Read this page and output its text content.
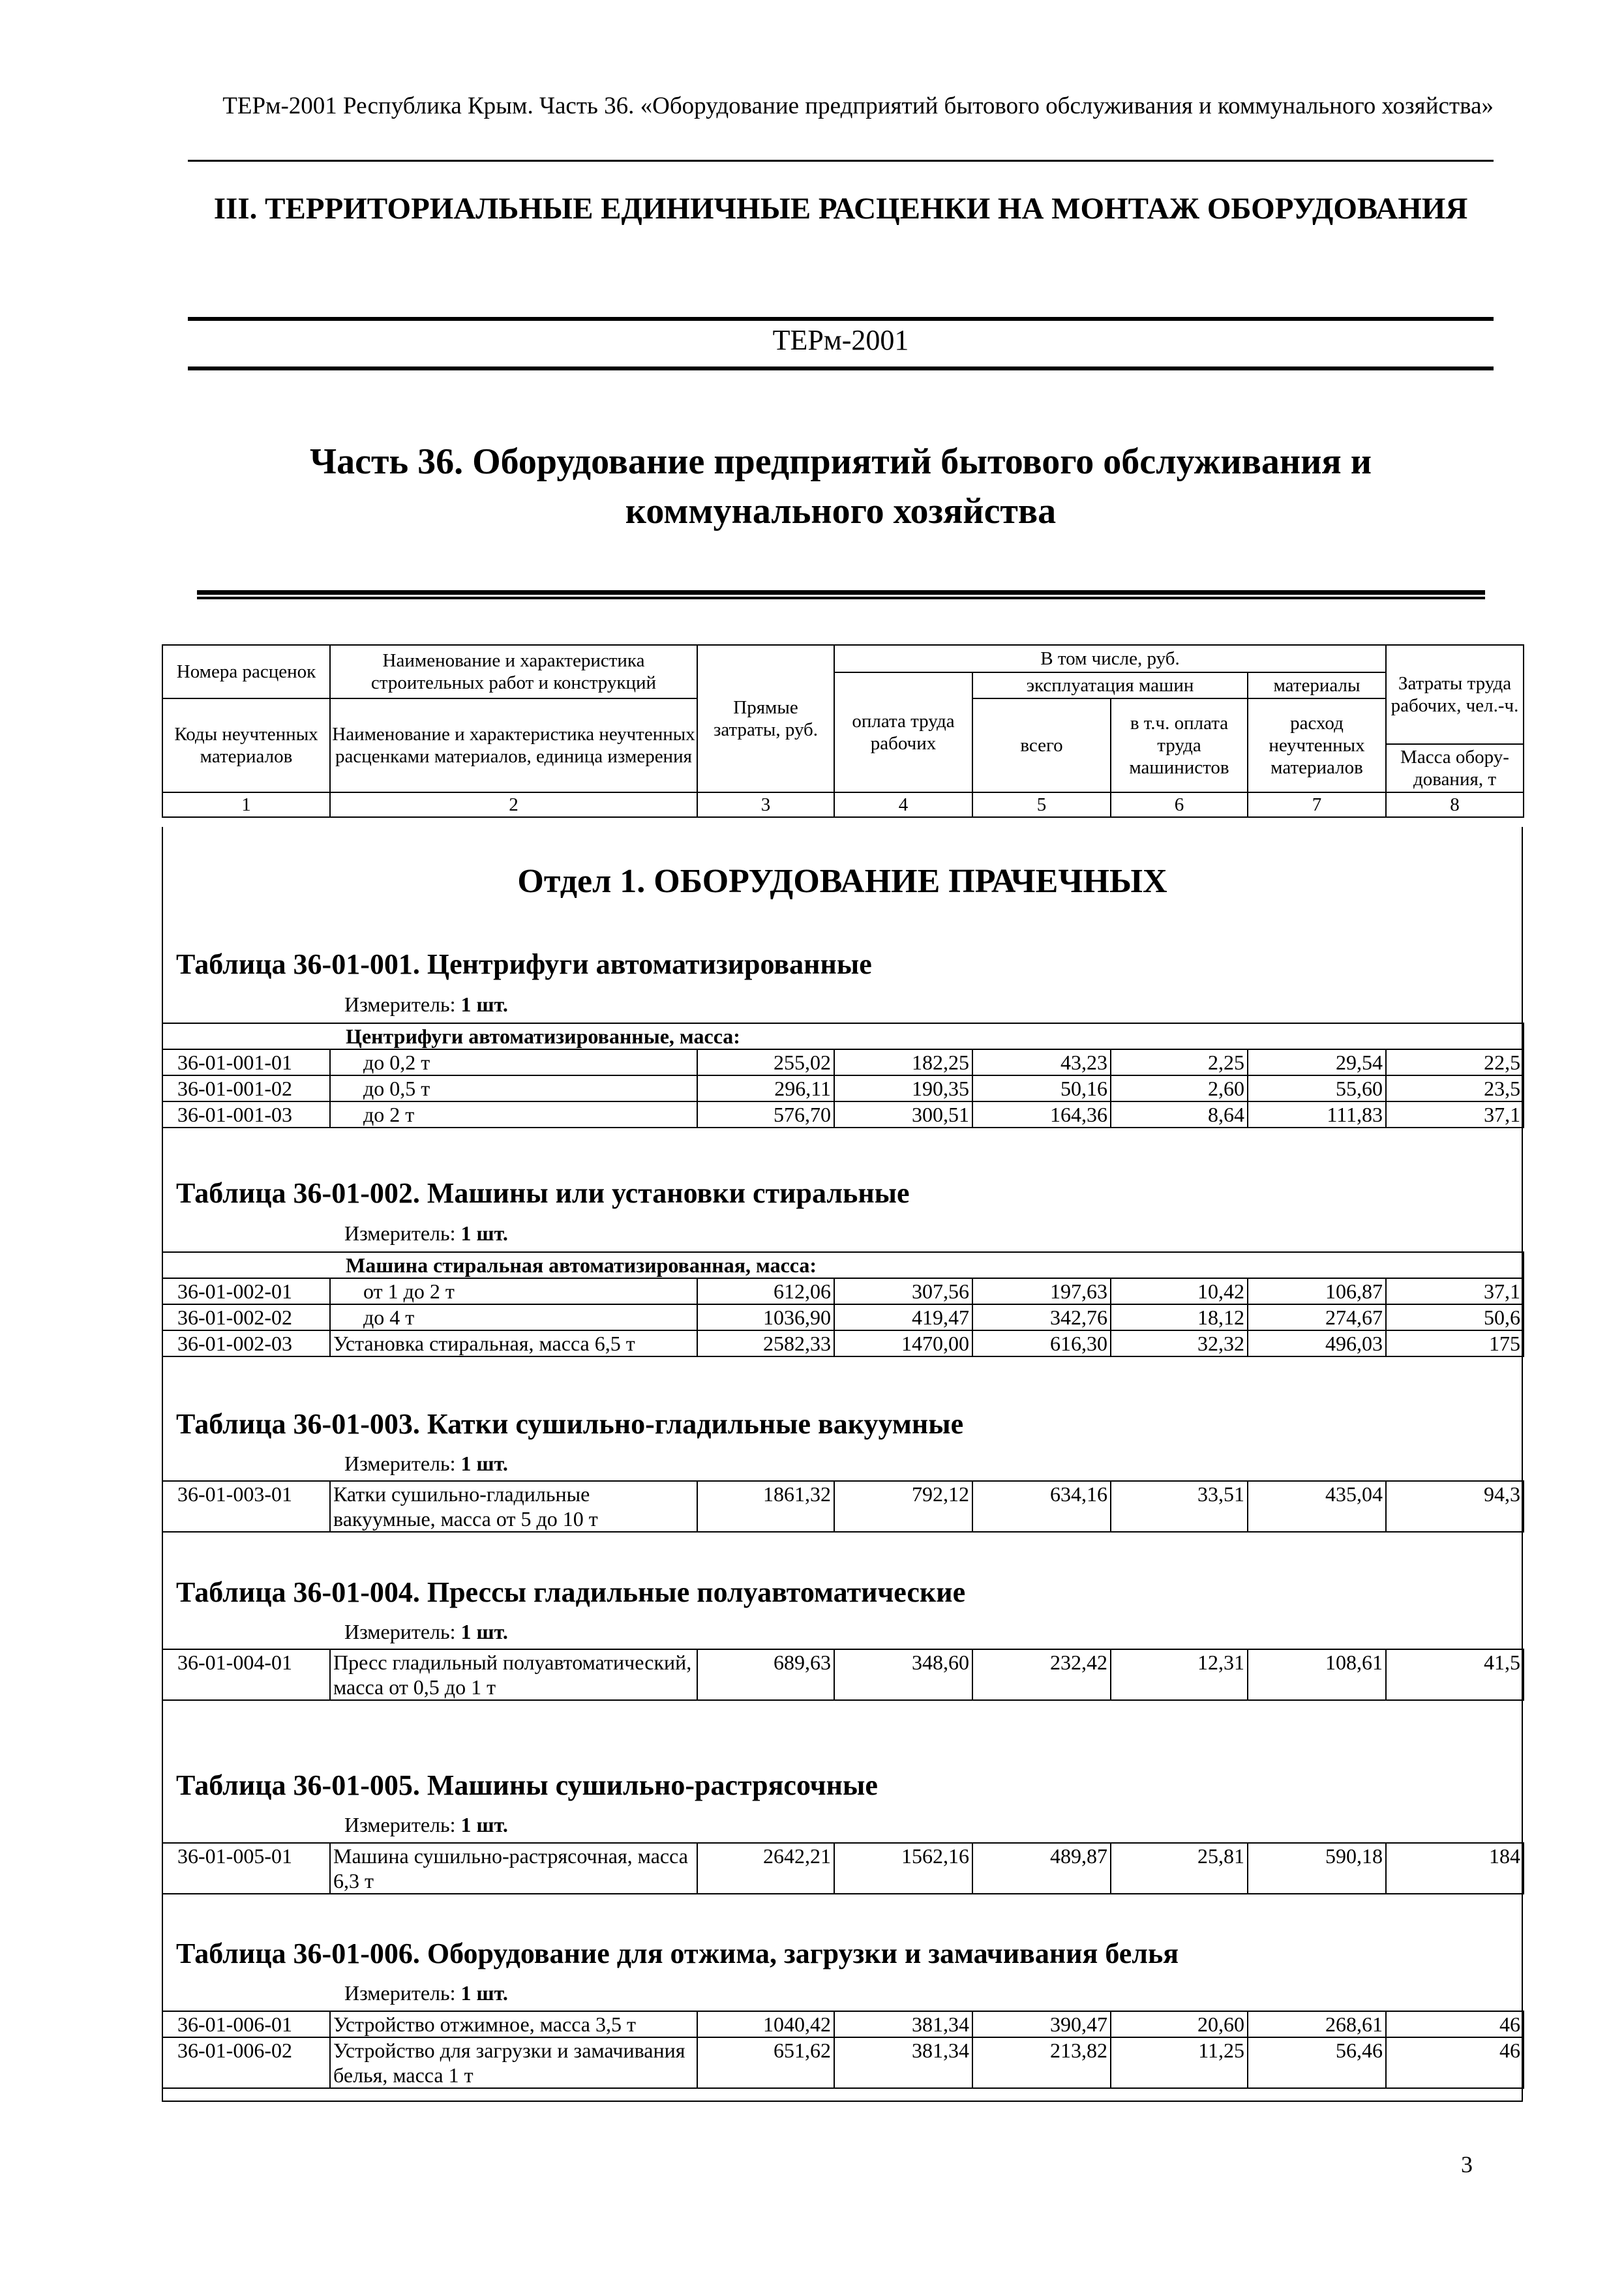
ТЕРм-2001 Республика Крым. Часть 36. «Оборудование предприятий бытового обслуживания и коммунального хозяйства»
III. ТЕРРИТОРИАЛЬНЫЕ ЕДИНИЧНЫЕ РАСЦЕНКИ НА МОНТАЖ ОБОРУДОВАНИЯ
ТЕРм-2001
Часть 36. Оборудование предприятий бытового обслуживания и коммунального хозяйства
Номера расценок	Наименование и характеристика строительных работ и конструкций	Прямые затраты, руб.	В том числе, руб.				Затраты труда рабочих, чел.-ч.
			оплата труда рабочих	эксплуатация машин		материалы	
Коды неучтенных материалов	Наименование и характеристика неучтенных расценками материалов, единица измерения			всего	в т.ч. оплата труда машинистов	расход неучтенных материалов	
							Масса обору-дования, т
1	2	3	4	5	6	7	8
Отдел 1. ОБОРУДОВАНИЕ ПРАЧЕЧНЫХ
Таблица 36-01-001. Центрифуги автоматизированные
Измеритель: 1 шт.
Центрифуги автоматизированные, масса:							
36-01-001-01	до 0,2 т	255,02	182,25	43,23	2,25	29,54	22,5
36-01-001-02	до 0,5 т	296,11	190,35	50,16	2,60	55,60	23,5
36-01-001-03	до 2 т	576,70	300,51	164,36	8,64	111,83	37,1
Таблица 36-01-002. Машины или установки стиральные
Измеритель: 1 шт.
Машина стиральная автоматизированная, масса:							
36-01-002-01	от 1 до 2 т	612,06	307,56	197,63	10,42	106,87	37,1
36-01-002-02	до 4 т	1036,90	419,47	342,76	18,12	274,67	50,6
36-01-002-03	Установка стиральная, масса 6,5 т	2582,33	1470,00	616,30	32,32	496,03	175
Таблица 36-01-003. Катки сушильно-гладильные вакуумные
Измеритель: 1 шт.
36-01-003-01	Катки сушильно-гладильные вакуумные, масса от 5 до 10 т	1861,32	792,12	634,16	33,51	435,04	94,3
Таблица 36-01-004. Прессы гладильные полуавтоматические
Измеритель: 1 шт.
36-01-004-01	Пресс гладильный полуавтоматический, масса от 0,5 до 1 т	689,63	348,60	232,42	12,31	108,61	41,5
Таблица 36-01-005. Машины сушильно-растрясочные
Измеритель: 1 шт.
36-01-005-01	Машина сушильно-растрясочная, масса 6,3 т	2642,21	1562,16	489,87	25,81	590,18	184
Таблица 36-01-006. Оборудование для отжима, загрузки и замачивания белья
Измеритель: 1 шт.
36-01-006-01	Устройство отжимное, масса 3,5 т	1040,42	381,34	390,47	20,60	268,61	46
36-01-006-02	Устройство для загрузки и замачивания белья, масса 1 т	651,62	381,34	213,82	11,25	56,46	46
3
